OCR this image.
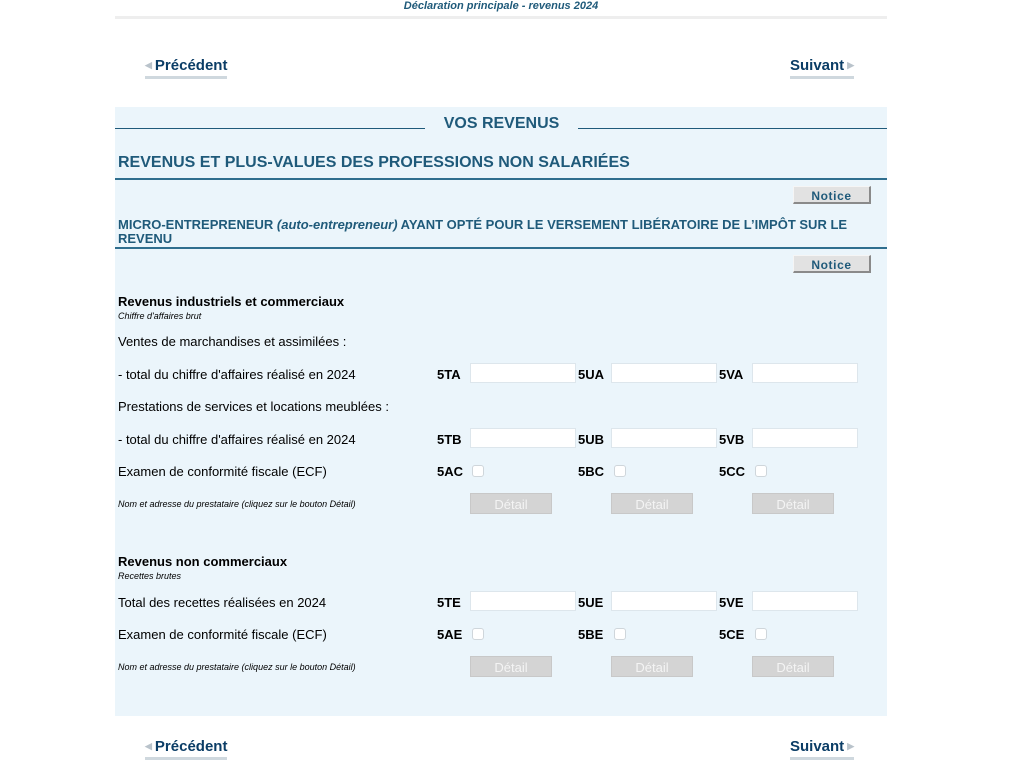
Déclaration principale - revenus 2024
◀ Précédent	Suivant ▶
VOS REVENUS
REVENUS ET PLUS-VALUES DES PROFESSIONS NON SALARIÉES
Notice
MICRO-ENTREPRENEUR (auto-entrepreneur) AYANT OPTÉ POUR LE VERSEMENT LIBÉRATOIRE DE L’IMPÔT SUR LE REVENU
Notice
Revenus industriels et commerciaux
Chiffre d'affaires brut
Ventes de marchandises et assimilées :
- total du chiffre d'affaires réalisé en 2024	5TA	5UA	5VA
Prestations de services et locations meublées :
- total du chiffre d'affaires réalisé en 2024	5TB	5UB	5VB
Examen de conformité fiscale (ECF)	5AC	5BC	5CC
Nom et adresse du prestataire (cliquez sur le bouton Détail)	Détail	Détail	Détail
Revenus non commerciaux
Recettes brutes
Total des recettes réalisées en 2024	5TE	5UE	5VE
Examen de conformité fiscale (ECF)	5AE	5BE	5CE
Nom et adresse du prestataire (cliquez sur le bouton Détail)	Détail	Détail	Détail
◀ Précédent	Suivant ▶
